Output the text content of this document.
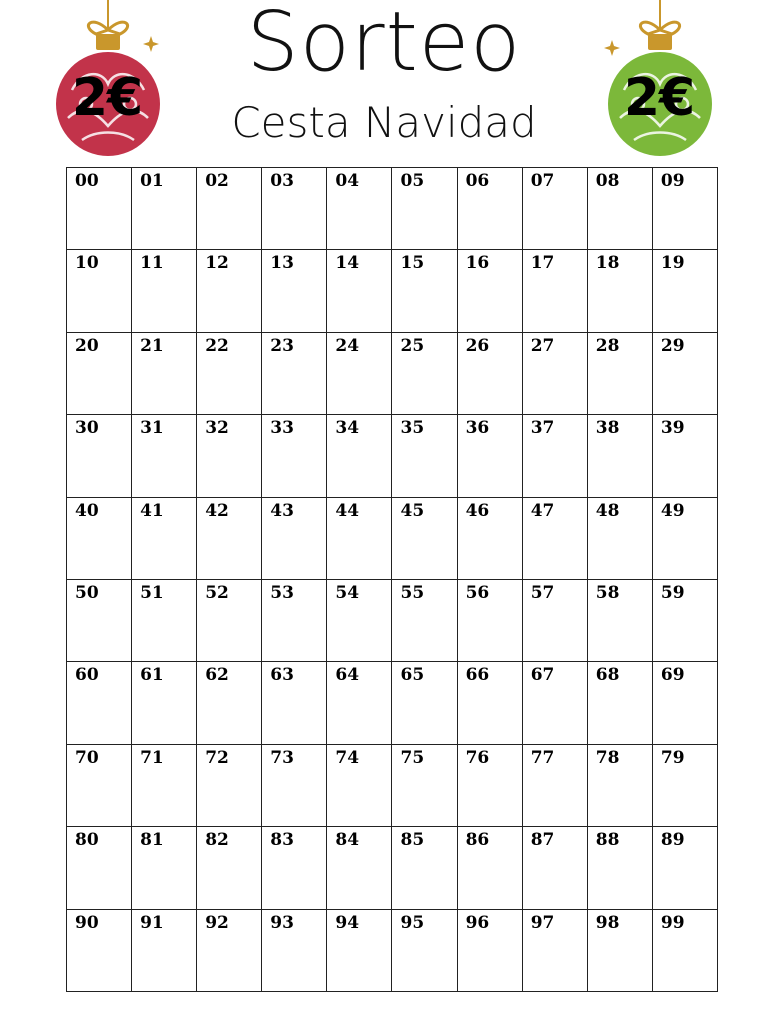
2€	2€
Sorteo
Cesta Navidad
00 01 02 03 04 05 06 07 08 09
10 11 12 13 14 15 16 17 18 19
20 21 22 23 24 25 26 27 28 29
30 31 32 33 34 35 36 37 38 39
40 41 42 43 44 45 46 47 48 49
50 51 52 53 54 55 56 57 58 59
60 61 62 63 64 65 66 67 68 69
70 71 72 73 74 75 76 77 78 79
80 81 82 83 84 85 86 87 88 89
90 91 92 93 94 95 96 97 98 99
